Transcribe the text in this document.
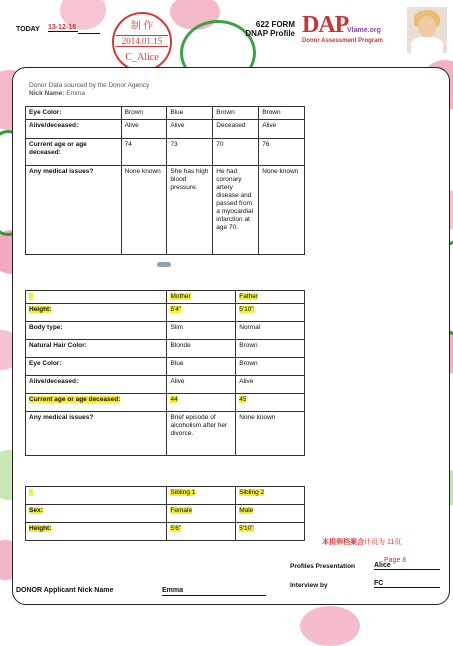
TODAY 13-12-18	制 作
2014.01.15
C_Alice
622 FORM
DNAP Profile DAP
Vlame.org
Donor Assessment Program
Donor Data sourced by the Donor Agency
Nick Name: Emma
Eye Color:	Brown	Blue	Brown	Brown
Alive/deceased:	Alive	Alive	Deceased	Alive
Current age or age deceased:	74	73	70	76
Any medical issues?	None known	She has high blood pressure.	He had coronary artery disease and passed from a myocardial infarction at age 70.	None known
	Mother	Father
Height:	5'4"	5'10"
Body type:	Slim	Normal
Natural Hair Color:	Blonde	Brown
Eye Color:	Blue	Brown
Alive/deceased:	Alive	Alive
Current age or age deceased:	44	45
Any medical issues?	Brief episode of alcoholism after her divorce.	None known
	Sibling 1	Sibling 2
Sex:	Female	Male
Height:	5'6"	5'10"
本捐卵档案合计页为 11页
Page 8
Profiles Presentation	Alice
Interview by	FC
DONOR Applicant Nick Name	Emma
